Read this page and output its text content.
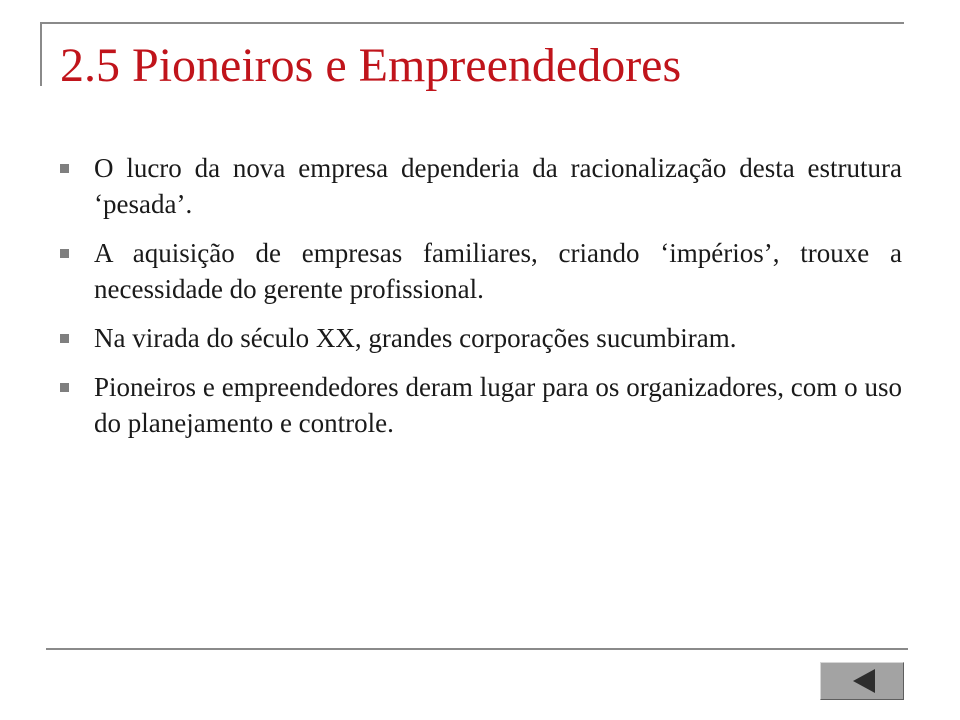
2.5 Pioneiros e Empreendedores
O lucro da nova empresa dependeria da racionalização desta estrutura ‘pesada’.
A aquisição de empresas familiares, criando ‘impérios’, trouxe a necessidade do gerente profissional.
Na virada do século XX, grandes corporações sucumbiram.
Pioneiros e empreendedores deram lugar para os organizadores, com o uso do planejamento e controle.
